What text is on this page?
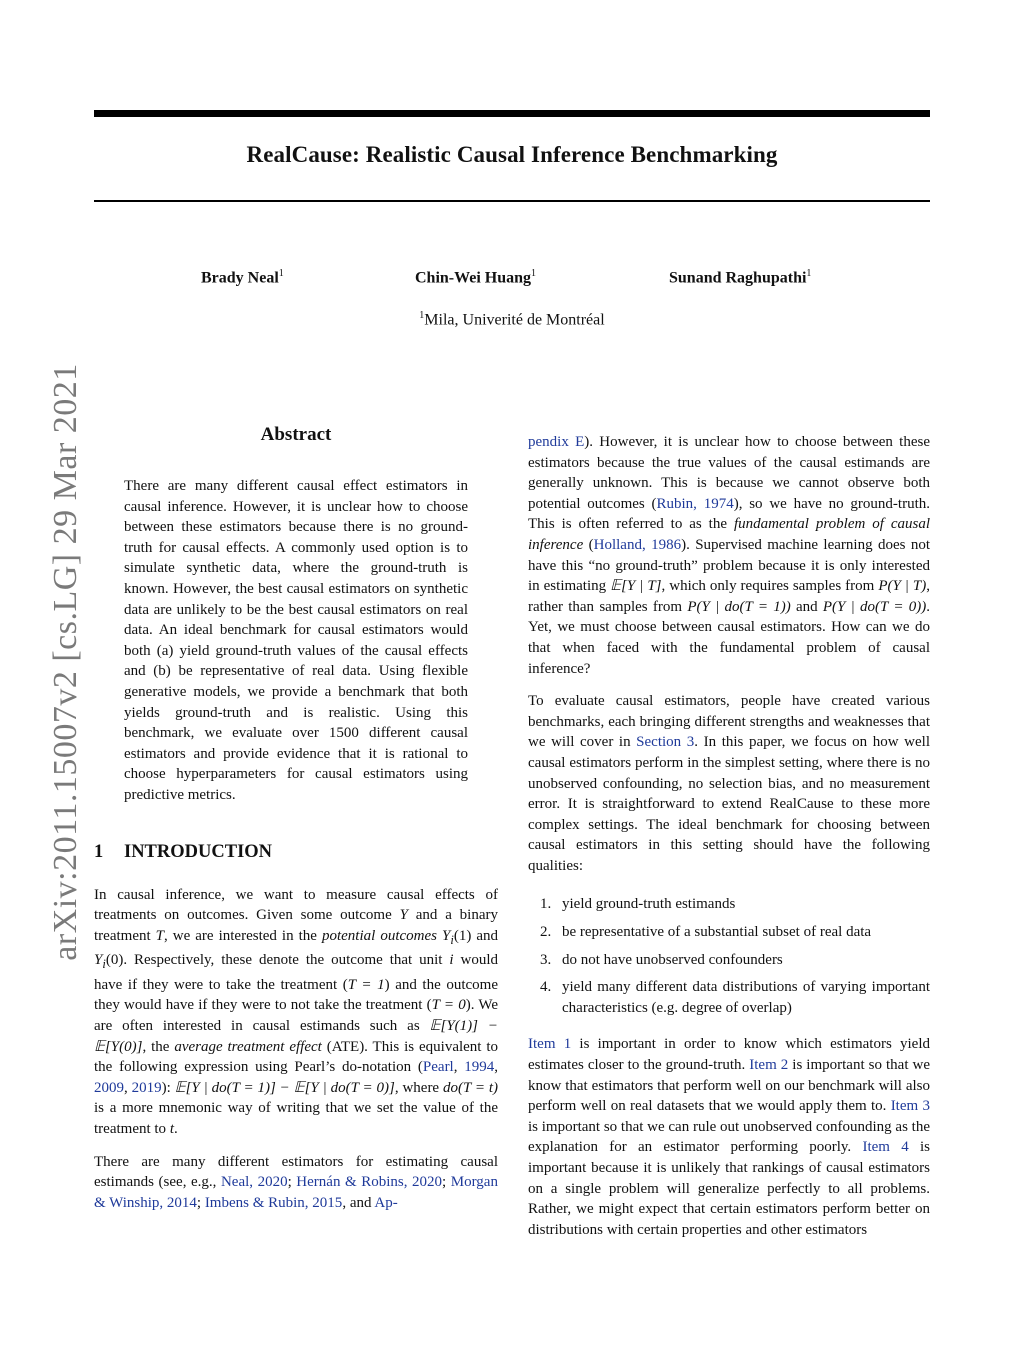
arXiv:2011.15007v2 [cs.LG] 29 Mar 2021
RealCause: Realistic Causal Inference Benchmarking
Brady Neal$^1$	Chin-Wei Huang$^1$	Sunand Raghupathi$^1$
$^1$Mila, Univerité de Montréal
Abstract

There are many different causal effect estimators in causal inference. However, it is unclear how to choose between these estimators because there is no ground-truth for causal effects. A commonly used option is to simulate synthetic data, where the ground-truth is known. However, the best causal estimators on synthetic data are unlikely to be the best causal estimators on real data. An ideal benchmark for causal estimators would both (a) yield ground-truth values of the causal effects and (b) be representative of real data. Using flexible generative models, we provide a benchmark that both yields ground-truth and is realistic. Using this benchmark, we evaluate over 1500 different causal estimators and provide evidence that it is rational to choose hyperparameters for causal estimators using predictive metrics.

1 INTRODUCTION

In causal inference, we want to measure causal effects of treatments on outcomes. Given some outcome Y and a binary treatment T, we are interested in the potential outcomes $Y_i(1)$ and $Y_i(0)$. Respectively, these denote the outcome that unit i would have if they were to take the treatment (T = 1) and the outcome they would have if they were to not take the treatment (T = 0). We are often interested in causal estimands such as 𝔼[Y(1)] − 𝔼[Y(0)], the average treatment effect (ATE). This is equivalent to the following expression using Pearl’s do-notation (Pearl, 1994, 2009, 2019): 𝔼[Y | do(T = 1)] − 𝔼[Y | do(T = 0)], where do(T = t) is a more mnemonic way of writing that we set the value of the treatment to t.

There are many different estimators for estimating causal estimands (see, e.g., Neal, 2020; Hernán & Robins, 2020; Morgan & Winship, 2014; Imbens & Rubin, 2015, and Ap-

pendix E). However, it is unclear how to choose between these estimators because the true values of the causal estimands are generally unknown. This is because we cannot observe both potential outcomes (Rubin, 1974), so we have no ground-truth. This is often referred to as the fundamental problem of causal inference (Holland, 1986). Supervised machine learning does not have this “no ground-truth” problem because it is only interested in estimating 𝔼[Y | T], which only requires samples from P(Y | T), rather than samples from P(Y | do(T = 1)) and P(Y | do(T = 0)). Yet, we must choose between causal estimators. How can we do that when faced with the fundamental problem of causal inference?

To evaluate causal estimators, people have created various benchmarks, each bringing different strengths and weaknesses that we will cover in Section 3. In this paper, we focus on how well causal estimators perform in the simplest setting, where there is no unobserved confounding, no selection bias, and no measurement error. It is straightforward to extend RealCause to these more complex settings. The ideal benchmark for choosing between causal estimators in this setting should have the following qualities:

1. yield ground-truth estimands
2. be representative of a substantial subset of real data
3. do not have unobserved confounders
4. yield many different data distributions of varying important characteristics (e.g. degree of overlap)

Item 1 is important in order to know which estimators yield estimates closer to the ground-truth. Item 2 is important so that we know that estimators that perform well on our benchmark will also perform well on real datasets that we would apply them to. Item 3 is important so that we can rule out unobserved confounding as the explanation for an estimator performing poorly. Item 4 is important because it is unlikely that rankings of causal estimators on a single problem will generalize perfectly to all problems. Rather, we might expect that certain estimators perform better on distributions with certain properties and other estimators
